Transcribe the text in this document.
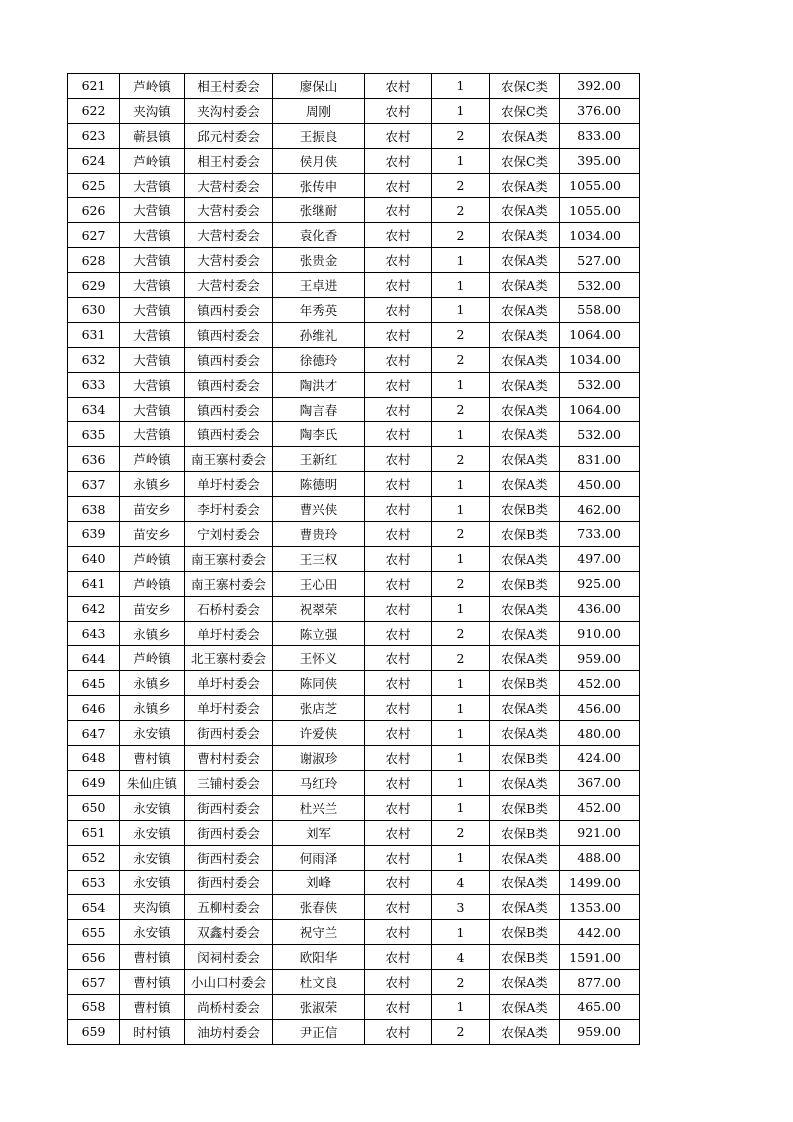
621	芦岭镇	相王村委会	廖保山	农村	1	农保C类	392.00
622	夹沟镇	夹沟村委会	周刚	农村	1	农保C类	376.00
623	蕲县镇	邱元村委会	王振良	农村	2	农保A类	833.00
624	芦岭镇	相王村委会	侯月侠	农村	1	农保C类	395.00
625	大营镇	大营村委会	张传申	农村	2	农保A类	1055.00
626	大营镇	大营村委会	张继耐	农村	2	农保A类	1055.00
627	大营镇	大营村委会	袁化香	农村	2	农保A类	1034.00
628	大营镇	大营村委会	张贵金	农村	1	农保A类	527.00
629	大营镇	大营村委会	王卓进	农村	1	农保A类	532.00
630	大营镇	镇西村委会	年秀英	农村	1	农保A类	558.00
631	大营镇	镇西村委会	孙维礼	农村	2	农保A类	1064.00
632	大营镇	镇西村委会	徐德玲	农村	2	农保A类	1034.00
633	大营镇	镇西村委会	陶洪才	农村	1	农保A类	532.00
634	大营镇	镇西村委会	陶言春	农村	2	农保A类	1064.00
635	大营镇	镇西村委会	陶李氏	农村	1	农保A类	532.00
636	芦岭镇	南王寨村委会	王新红	农村	2	农保A类	831.00
637	永镇乡	单圩村委会	陈德明	农村	1	农保A类	450.00
638	苗安乡	李圩村委会	曹兴侠	农村	1	农保B类	462.00
639	苗安乡	宁刘村委会	曹贵玲	农村	2	农保B类	733.00
640	芦岭镇	南王寨村委会	王三权	农村	1	农保A类	497.00
641	芦岭镇	南王寨村委会	王心田	农村	2	农保B类	925.00
642	苗安乡	石桥村委会	祝翠荣	农村	1	农保A类	436.00
643	永镇乡	单圩村委会	陈立强	农村	2	农保A类	910.00
644	芦岭镇	北王寨村委会	王怀义	农村	2	农保A类	959.00
645	永镇乡	单圩村委会	陈同侠	农村	1	农保B类	452.00
646	永镇乡	单圩村委会	张店芝	农村	1	农保A类	456.00
647	永安镇	街西村委会	许爱侠	农村	1	农保A类	480.00
648	曹村镇	曹村村委会	谢淑珍	农村	1	农保B类	424.00
649	朱仙庄镇	三铺村委会	马红玲	农村	1	农保A类	367.00
650	永安镇	街西村委会	杜兴兰	农村	1	农保B类	452.00
651	永安镇	街西村委会	刘军	农村	2	农保B类	921.00
652	永安镇	街西村委会	何雨泽	农村	1	农保A类	488.00
653	永安镇	街西村委会	刘峰	农村	4	农保A类	1499.00
654	夹沟镇	五柳村委会	张春侠	农村	3	农保A类	1353.00
655	永安镇	双鑫村委会	祝守兰	农村	1	农保B类	442.00
656	曹村镇	闵祠村委会	欧阳华	农村	4	农保B类	1591.00
657	曹村镇	小山口村委会	杜文良	农村	2	农保A类	877.00
658	曹村镇	尚桥村委会	张淑荣	农村	1	农保A类	465.00
659	时村镇	油坊村委会	尹正信	农村	2	农保A类	959.00
